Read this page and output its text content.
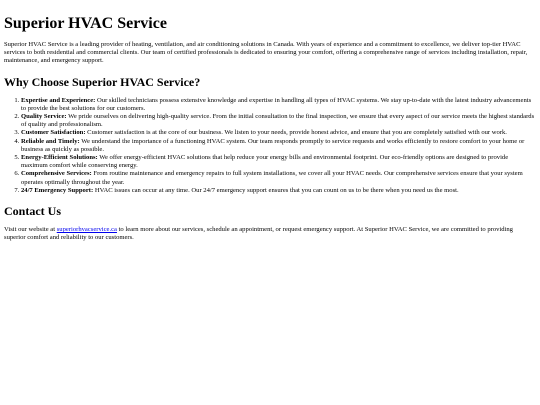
Superior HVAC Service

Superior HVAC Service is a leading provider of heating, ventilation, and air conditioning solutions in Canada. With years of experience and a commitment to excellence, we deliver top-tier HVAC services to both residential and commercial clients. Our team of certified professionals is dedicated to ensuring your comfort, offering a comprehensive range of services including installation, repair, maintenance, and emergency support.

Why Choose Superior HVAC Service?
1. Expertise and Experience: Our skilled technicians possess extensive knowledge and expertise in handling all types of HVAC systems. We stay up-to-date with the latest industry advancements to provide the best solutions for our customers.
2. Quality Service: We pride ourselves on delivering high-quality service. From the initial consultation to the final inspection, we ensure that every aspect of our service meets the highest standards of quality and professionalism.
3. Customer Satisfaction: Customer satisfaction is at the core of our business. We listen to your needs, provide honest advice, and ensure that you are completely satisfied with our work.
4. Reliable and Timely: We understand the importance of a functioning HVAC system. Our team responds promptly to service requests and works efficiently to restore comfort to your home or business as quickly as possible.
5. Energy-Efficient Solutions: We offer energy-efficient HVAC solutions that help reduce your energy bills and environmental footprint. Our eco-friendly options are designed to provide maximum comfort while conserving energy.
6. Comprehensive Services: From routine maintenance and emergency repairs to full system installations, we cover all your HVAC needs. Our comprehensive services ensure that your system operates optimally throughout the year.
7. 24/7 Emergency Support: HVAC issues can occur at any time. Our 24/7 emergency support ensures that you can count on us to be there when you need us the most.
Contact Us

Visit our website at superiorhvacservice.ca to learn more about our services, schedule an appointment, or request emergency support. At Superior HVAC Service, we are committed to providing superior comfort and reliability to our customers.
